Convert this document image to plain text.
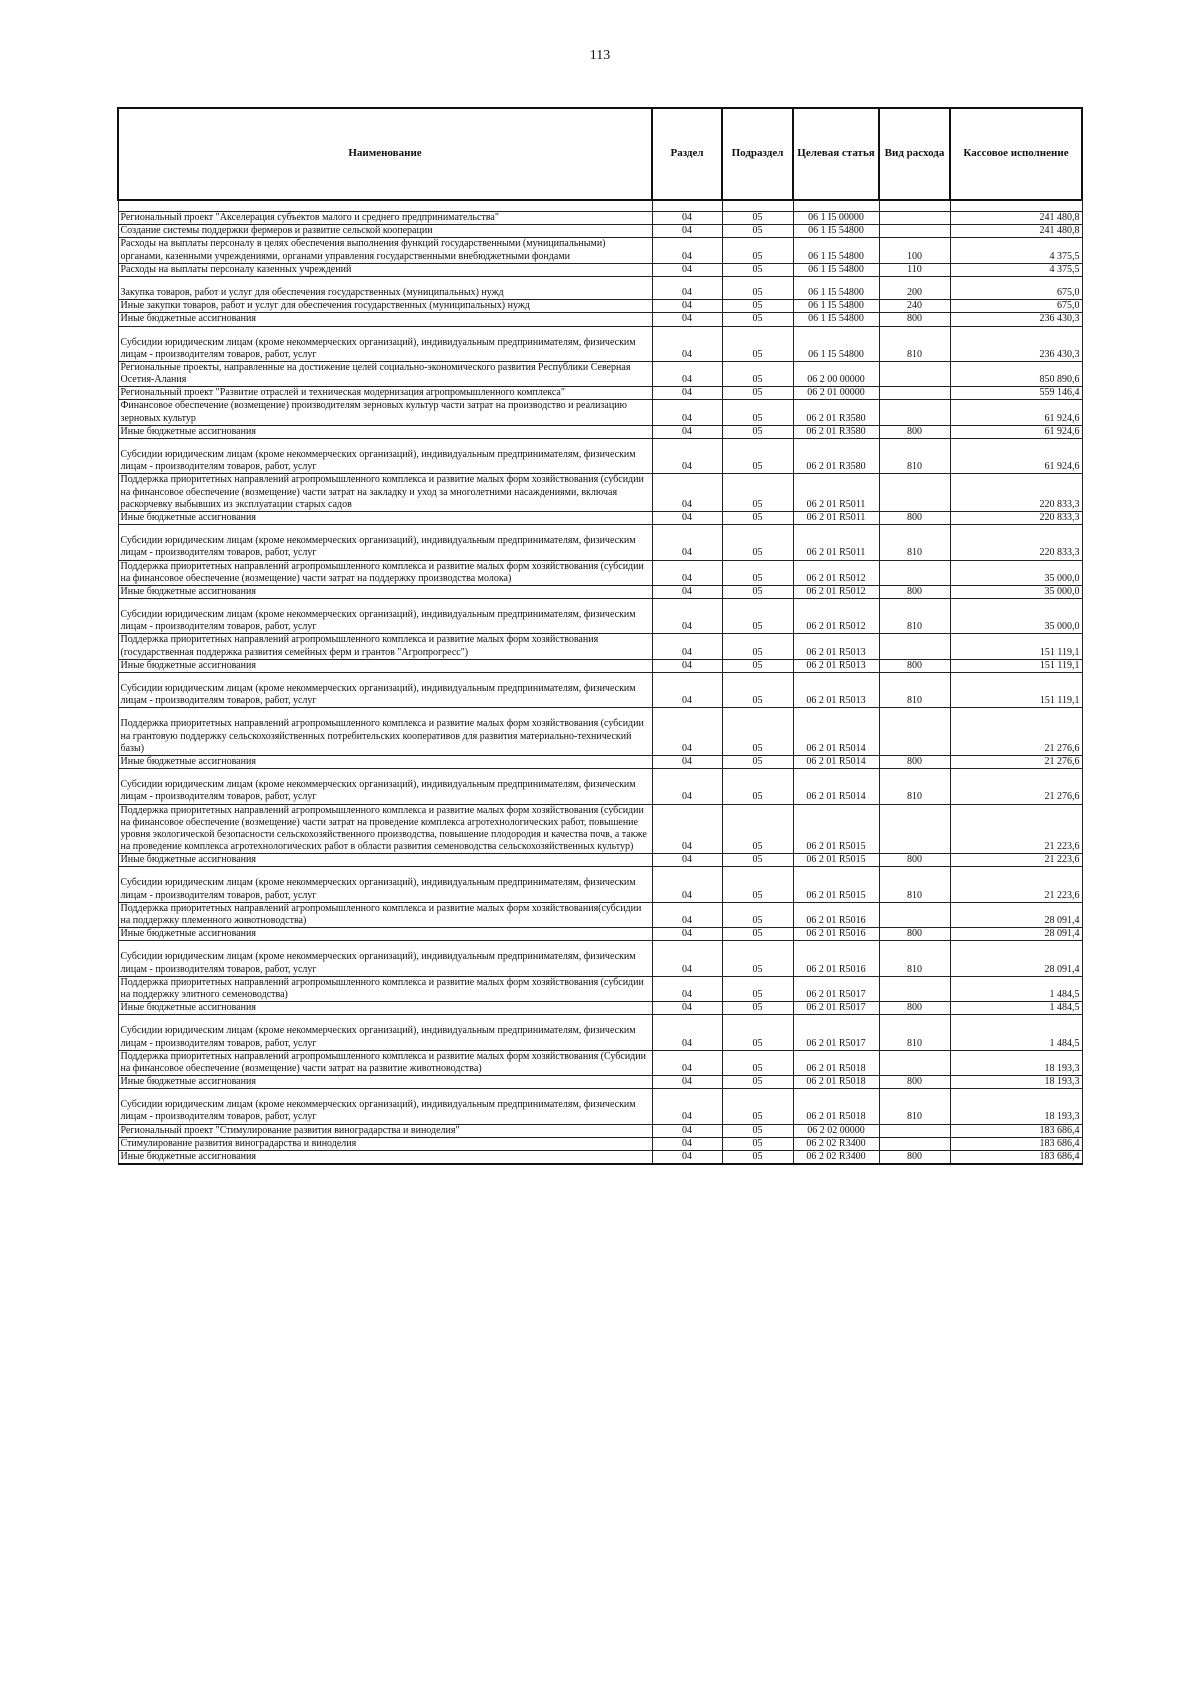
113
Наименование	Раздел	Подраздел	Целевая статья	Вид расхода	Кассовое исполнение

Региональный проект "Акселерация субъектов малого и среднего предпринимательства"	04	05	06 1 I5 00000		241 480,8
Создание системы поддержки фермеров и развитие сельской кооперации	04	05	06 1 I5 54800		241 480,8
Расходы на выплаты персоналу в целях обеспечения выполнения функций государственными (муниципальными) органами, казенными учреждениями, органами управления государственными внебюджетными фондами	04	05	06 1 I5 54800	100	4 375,5
Расходы на выплаты персоналу казенных учреждений	04	05	06 1 I5 54800	110	4 375,5
Закупка товаров, работ и услуг для обеспечения государственных (муниципальных) нужд	04	05	06 1 I5 54800	200	675,0
Иные закупки товаров, работ и услуг для обеспечения государственных (муниципальных) нужд	04	05	06 1 I5 54800	240	675,0
Иные бюджетные ассигнования	04	05	06 1 I5 54800	800	236 430,3
Субсидии юридическим лицам (кроме некоммерческих организаций), индивидуальным предпринимателям, физическим лицам - производителям товаров, работ, услуг	04	05	06 1 I5 54800	810	236 430,3
Региональные проекты, направленные на достижение целей социально-экономического развития Республики Северная Осетия-Алания	04	05	06 2 00 00000		850 890,6
Региональный проект "Развитие отраслей и техническая модернизация агропромышленного комплекса"	04	05	06 2 01 00000		559 146,4
Финансовое обеспечение (возмещение) производителям зерновых культур части затрат на производство и реализацию зерновых культур	04	05	06 2 01 R3580		61 924,6
Иные бюджетные ассигнования	04	05	06 2 01 R3580	800	61 924,6
Субсидии юридическим лицам (кроме некоммерческих организаций), индивидуальным предпринимателям, физическим лицам - производителям товаров, работ, услуг	04	05	06 2 01 R3580	810	61 924,6
Поддержка приоритетных направлений агропромышленного комплекса и развитие малых форм хозяйствования (субсидии на финансовое обеспечение (возмещение) части затрат на закладку и уход за многолетними насаждениями, включая раскорчевку выбывших из эксплуатации старых садов	04	05	06 2 01 R5011		220 833,3
Иные бюджетные ассигнования	04	05	06 2 01 R5011	800	220 833,3
Субсидии юридическим лицам (кроме некоммерческих организаций), индивидуальным предпринимателям, физическим лицам - производителям товаров, работ, услуг	04	05	06 2 01 R5011	810	220 833,3
Поддержка приоритетных направлений агропромышленного комплекса и развитие малых форм хозяйствования (субсидии на финансовое обеспечение (возмещение) части затрат на поддержку производства молока)	04	05	06 2 01 R5012		35 000,0
Иные бюджетные ассигнования	04	05	06 2 01 R5012	800	35 000,0
Субсидии юридическим лицам (кроме некоммерческих организаций), индивидуальным предпринимателям, физическим лицам - производителям товаров, работ, услуг	04	05	06 2 01 R5012	810	35 000,0
Поддержка приоритетных направлений агропромышленного комплекса и развитие малых форм хозяйствования (государственная поддержка развития семейных ферм и грантов "Агропрогресс")	04	05	06 2 01 R5013		151 119,1
Иные бюджетные ассигнования	04	05	06 2 01 R5013	800	151 119,1
Субсидии юридическим лицам (кроме некоммерческих организаций), индивидуальным предпринимателям, физическим лицам - производителям товаров, работ, услуг	04	05	06 2 01 R5013	810	151 119,1
Поддержка приоритетных направлений агропромышленного комплекса и развитие малых форм хозяйствования (субсидии на грантовую поддержку сельскохозяйственных потребительских кооперативов для развития материально-технический базы)	04	05	06 2 01 R5014		21 276,6
Иные бюджетные ассигнования	04	05	06 2 01 R5014	800	21 276,6
Субсидии юридическим лицам (кроме некоммерческих организаций), индивидуальным предпринимателям, физическим лицам - производителям товаров, работ, услуг	04	05	06 2 01 R5014	810	21 276,6
Поддержка приоритетных направлений агропромышленного комплекса и развитие малых форм хозяйствования (субсидии на финансовое обеспечение (возмещение) части затрат на проведение комплекса агротехнологических работ, повышение уровня экологической безопасности сельскохозяйственного производства, повышение плодородия и качества почв, а также на проведение комплекса агротехнологических работ в области развития семеноводства сельскохозяйственных культур)	04	05	06 2 01 R5015		21 223,6
Иные бюджетные ассигнования	04	05	06 2 01 R5015	800	21 223,6
Субсидии юридическим лицам (кроме некоммерческих организаций), индивидуальным предпринимателям, физическим лицам - производителям товаров, работ, услуг	04	05	06 2 01 R5015	810	21 223,6
Поддержка приоритетных направлений агропромышленного комплекса и развитие малых форм хозяйствования(субсидии на поддержку племенного животноводства)	04	05	06 2 01 R5016		28 091,4
Иные бюджетные ассигнования	04	05	06 2 01 R5016	800	28 091,4
Субсидии юридическим лицам (кроме некоммерческих организаций), индивидуальным предпринимателям, физическим лицам - производителям товаров, работ, услуг	04	05	06 2 01 R5016	810	28 091,4
Поддержка приоритетных направлений агропромышленного комплекса и развитие малых форм хозяйствования (субсидии на поддержку элитного семеноводства)	04	05	06 2 01 R5017		1 484,5
Иные бюджетные ассигнования	04	05	06 2 01 R5017	800	1 484,5
Субсидии юридическим лицам (кроме некоммерческих организаций), индивидуальным предпринимателям, физическим лицам - производителям товаров, работ, услуг	04	05	06 2 01 R5017	810	1 484,5
Поддержка приоритетных направлений агропромышленного комплекса и развитие малых форм хозяйствования (Субсидии на финансовое обеспечение (возмещение) части затрат на развитие животноводства)	04	05	06 2 01 R5018		18 193,3
Иные бюджетные ассигнования	04	05	06 2 01 R5018	800	18 193,3
Субсидии юридическим лицам (кроме некоммерческих организаций), индивидуальным предпринимателям, физическим лицам - производителям товаров, работ, услуг	04	05	06 2 01 R5018	810	18 193,3
Региональный проект "Стимулирование развития виноградарства и виноделия"	04	05	06 2 02 00000		183 686,4
Стимулирование развития виноградарства и виноделия	04	05	06 2 02 R3400		183 686,4
Иные бюджетные ассигнования	04	05	06 2 02 R3400	800	183 686,4
